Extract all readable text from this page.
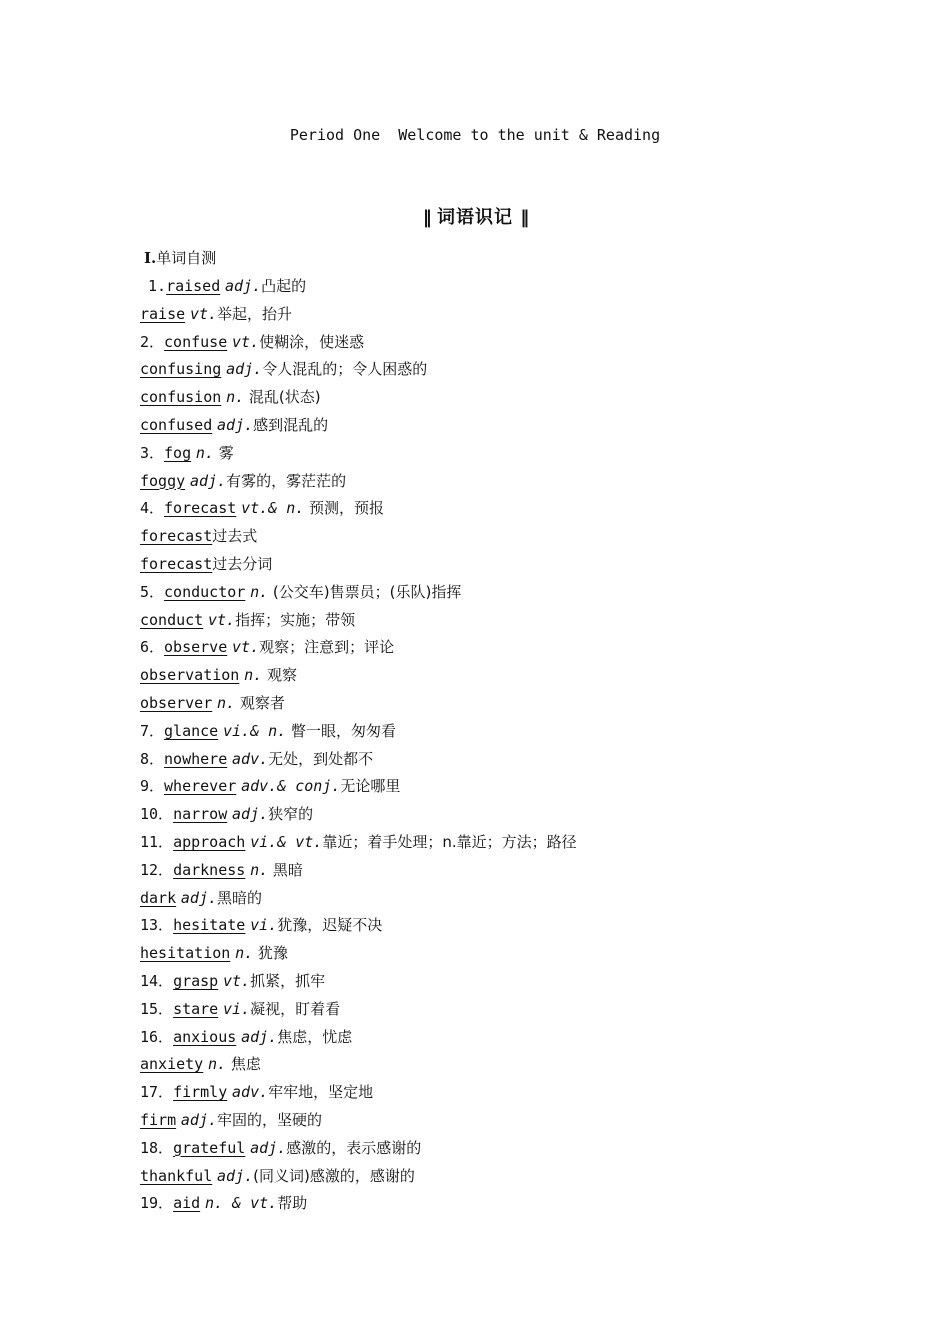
Period One  Welcome to the unit & Reading
‖ 词语识记 ‖
Ⅰ.单词自测
1.raised adj.凸起的
raise vt.举起，抬升
2．confuse vt.使糊涂，使迷惑
confusing adj.令人混乱的；令人困惑的
confusion n. 混乱(状态)
confused adj.感到混乱的
3．fog n. 雾
foggy adj.有雾的，雾茫茫的
4．forecast vt.& n. 预测，预报
forecast过去式
forecast过去分词
5．conductor n. (公交车)售票员；(乐队)指挥
conduct vt.指挥；实施；带领
6．observe vt.观察；注意到；评论
observation n. 观察
observer n. 观察者
7．glance vi.& n. 瞥一眼，匆匆看
8．nowhere adv.无处，到处都不
9．wherever adv.& conj.无论哪里
10．narrow adj.狭窄的
11．approach vi.& vt.靠近；着手处理；n.靠近；方法；路径
12．darkness n. 黑暗
dark adj.黑暗的
13．hesitate vi.犹豫，迟疑不决
hesitation n. 犹豫
14．grasp vt.抓紧，抓牢
15．stare vi.凝视，盯着看
16．anxious adj.焦虑，忧虑
anxiety n. 焦虑
17．firmly adv.牢牢地，坚定地
firm adj.牢固的，坚硬的
18．grateful adj.感激的，表示感谢的
thankful adj.(同义词)感激的，感谢的
19．aid n. & vt.帮助
